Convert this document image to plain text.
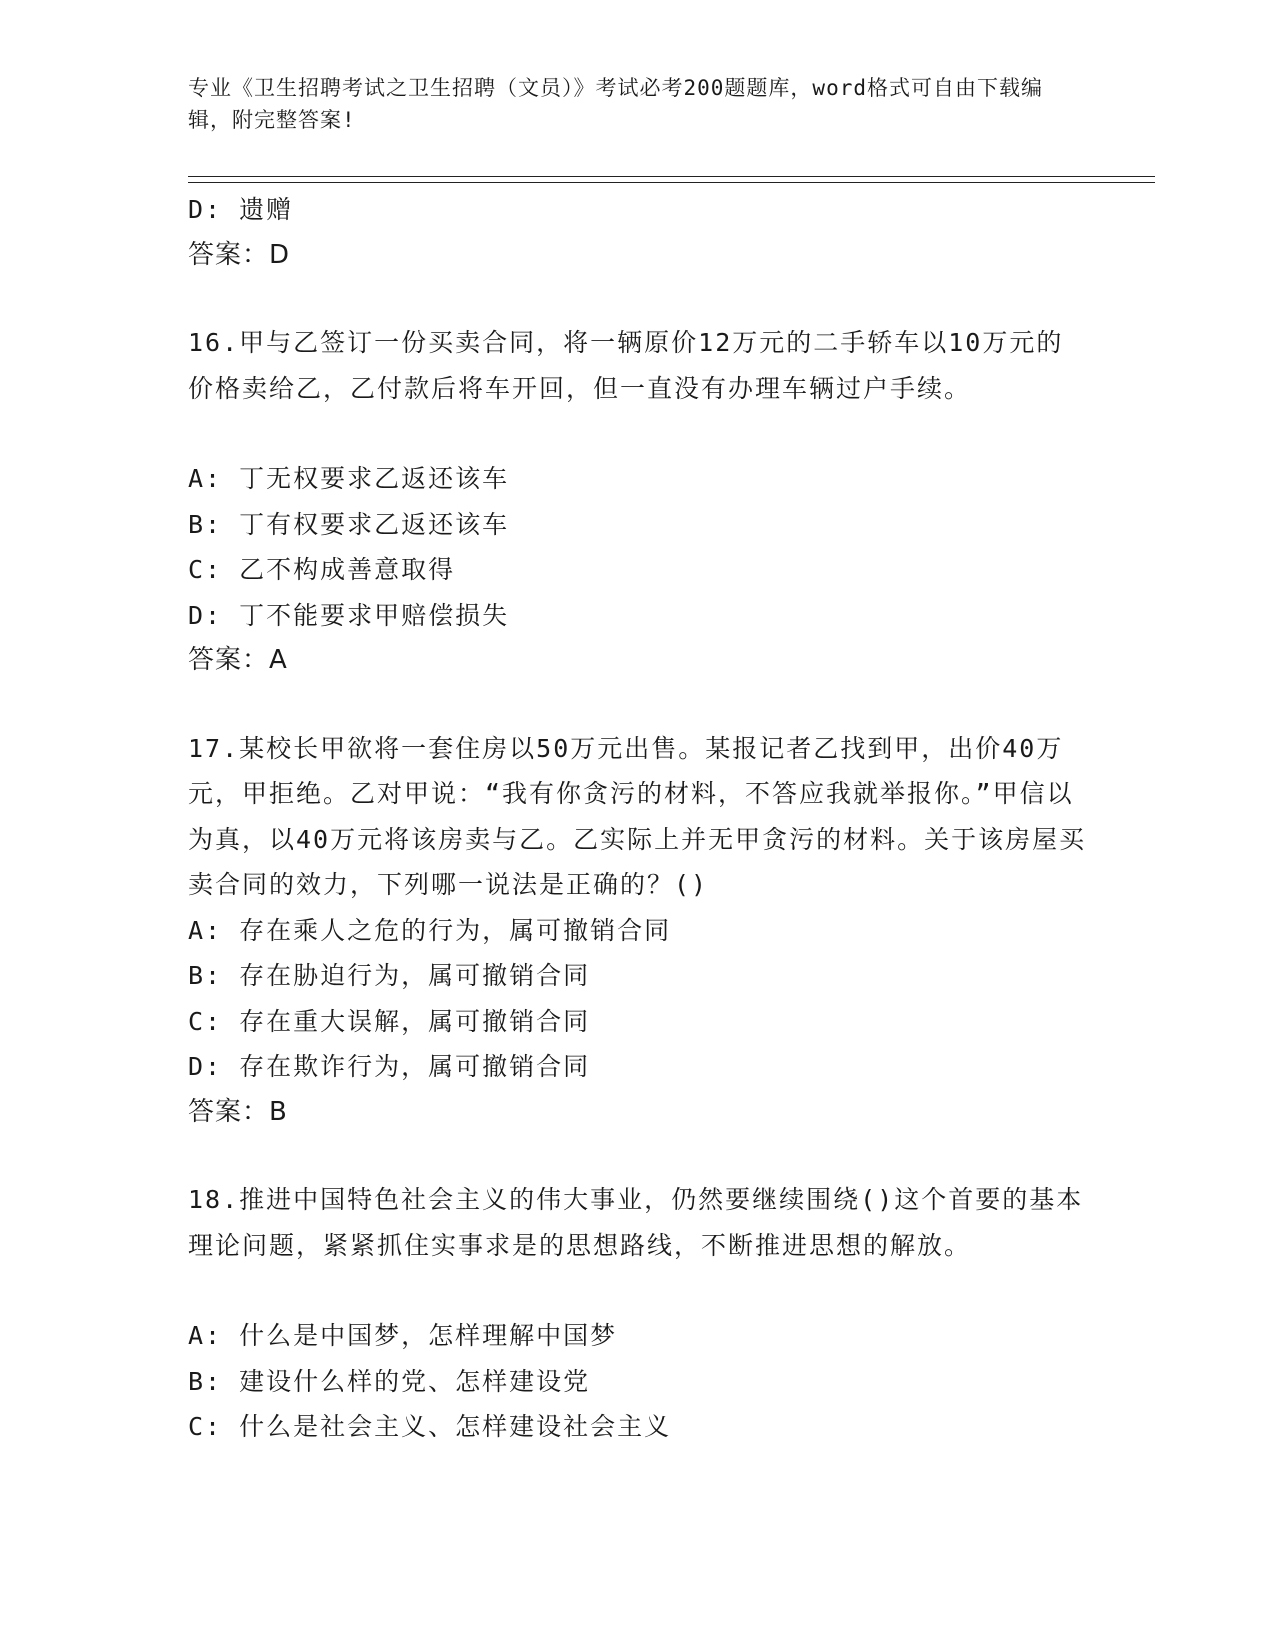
专业《卫生招聘考试之卫生招聘（文员）》考试必考200题题库，word格式可自由下载编辑，附完整答案!
D: 遗赠
答案：D
16.甲与乙签订一份买卖合同，将一辆原价12万元的二手轿车以10万元的价格卖给乙，乙付款后将车开回，但一直没有办理车辆过户手续。
A: 丁无权要求乙返还该车
B: 丁有权要求乙返还该车
C: 乙不构成善意取得
D: 丁不能要求甲赔偿损失
答案：A
17.某校长甲欲将一套住房以50万元出售。某报记者乙找到甲，出价40万元，甲拒绝。乙对甲说：“我有你贪污的材料，不答应我就举报你。”甲信以为真，以40万元将该房卖与乙。乙实际上并无甲贪污的材料。关于该房屋买卖合同的效力，下列哪一说法是正确的？()
A: 存在乘人之危的行为，属可撤销合同
B: 存在胁迫行为，属可撤销合同
C: 存在重大误解，属可撤销合同
D: 存在欺诈行为，属可撤销合同
答案：B
18.推进中国特色社会主义的伟大事业，仍然要继续围绕()这个首要的基本理论问题，紧紧抓住实事求是的思想路线，不断推进思想的解放。
A: 什么是中国梦，怎样理解中国梦
B: 建设什么样的党、怎样建设党
C: 什么是社会主义、怎样建设社会主义
